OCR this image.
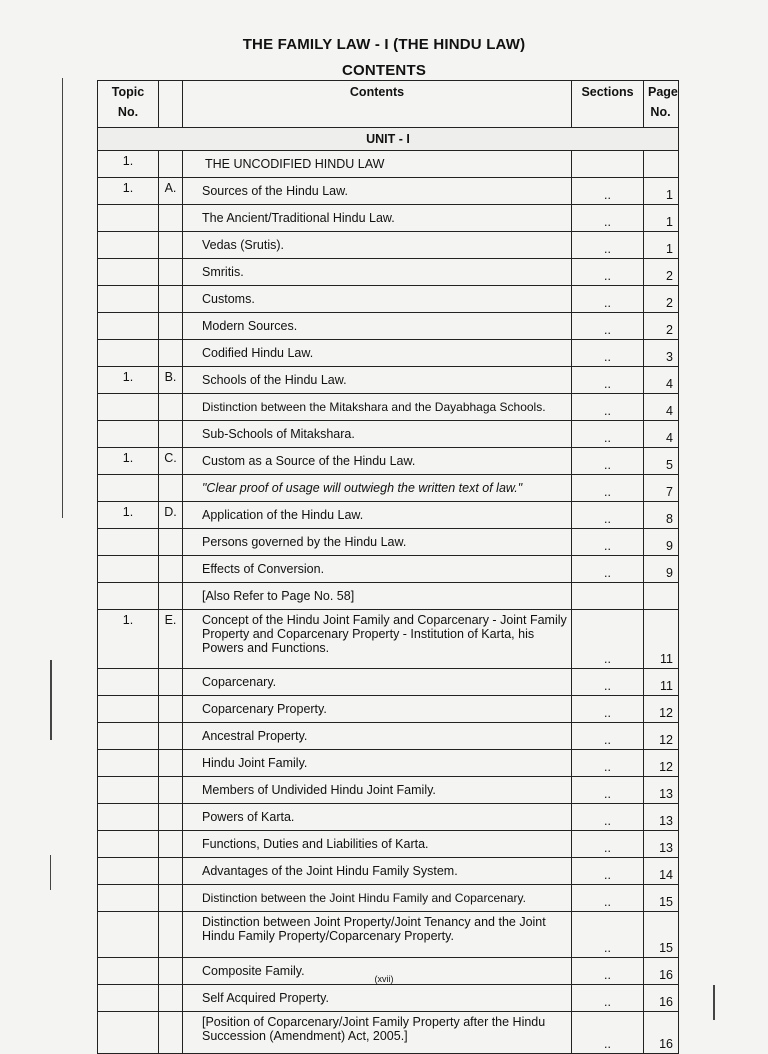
THE FAMILY LAW - I (THE HINDU LAW)
CONTENTS
Topic
No.		Contents	Sections	Page
No.
UNIT - I				
1.		THE UNCODIFIED HINDU LAW		
1.	A.	Sources of the Hindu Law.	..	1
		The Ancient/Traditional Hindu Law.	..	1
		Vedas (Srutis).	..	1
		Smritis.	..	2
		Customs.	..	2
		Modern Sources.	..	2
		Codified Hindu Law.	..	3
1.	B.	Schools of the Hindu Law.	..	4
		Distinction between the Mitakshara and the Dayabhaga Schools.	..	4
		Sub-Schools of Mitakshara.	..	4
1.	C.	Custom as a Source of the Hindu Law.	..	5
		"Clear proof of usage will outwiegh the written text of law."	..	7
1.	D.	Application of the Hindu Law.	..	8
		Persons governed by the Hindu Law.	..	9
		Effects of Conversion.	..	9
		[Also Refer to Page No. 58]		
1.	E.	Concept of the Hindu Joint Family and Coparcenary - Joint Family Property and Coparcenary Property - Institution of Karta, his Powers and Functions.	..	11
		Coparcenary.	..	11
		Coparcenary Property.	..	12
		Ancestral Property.	..	12
		Hindu Joint Family.	..	12
		Members of Undivided Hindu Joint Family.	..	13
		Powers of Karta.	..	13
		Functions, Duties and Liabilities of Karta.	..	13
		Advantages of the Joint Hindu Family System.	..	14
		Distinction between the Joint Hindu Family and Coparcenary.	..	15
		Distinction between Joint Property/Joint Tenancy and the Joint Hindu Family Property/Coparcenary Property.	..	15
		Composite Family.	..	16
		Self Acquired Property.	..	16
		[Position of Coparcenary/Joint Family Property after the Hindu Succession (Amendment) Act, 2005.]	..	16
(xvii)
